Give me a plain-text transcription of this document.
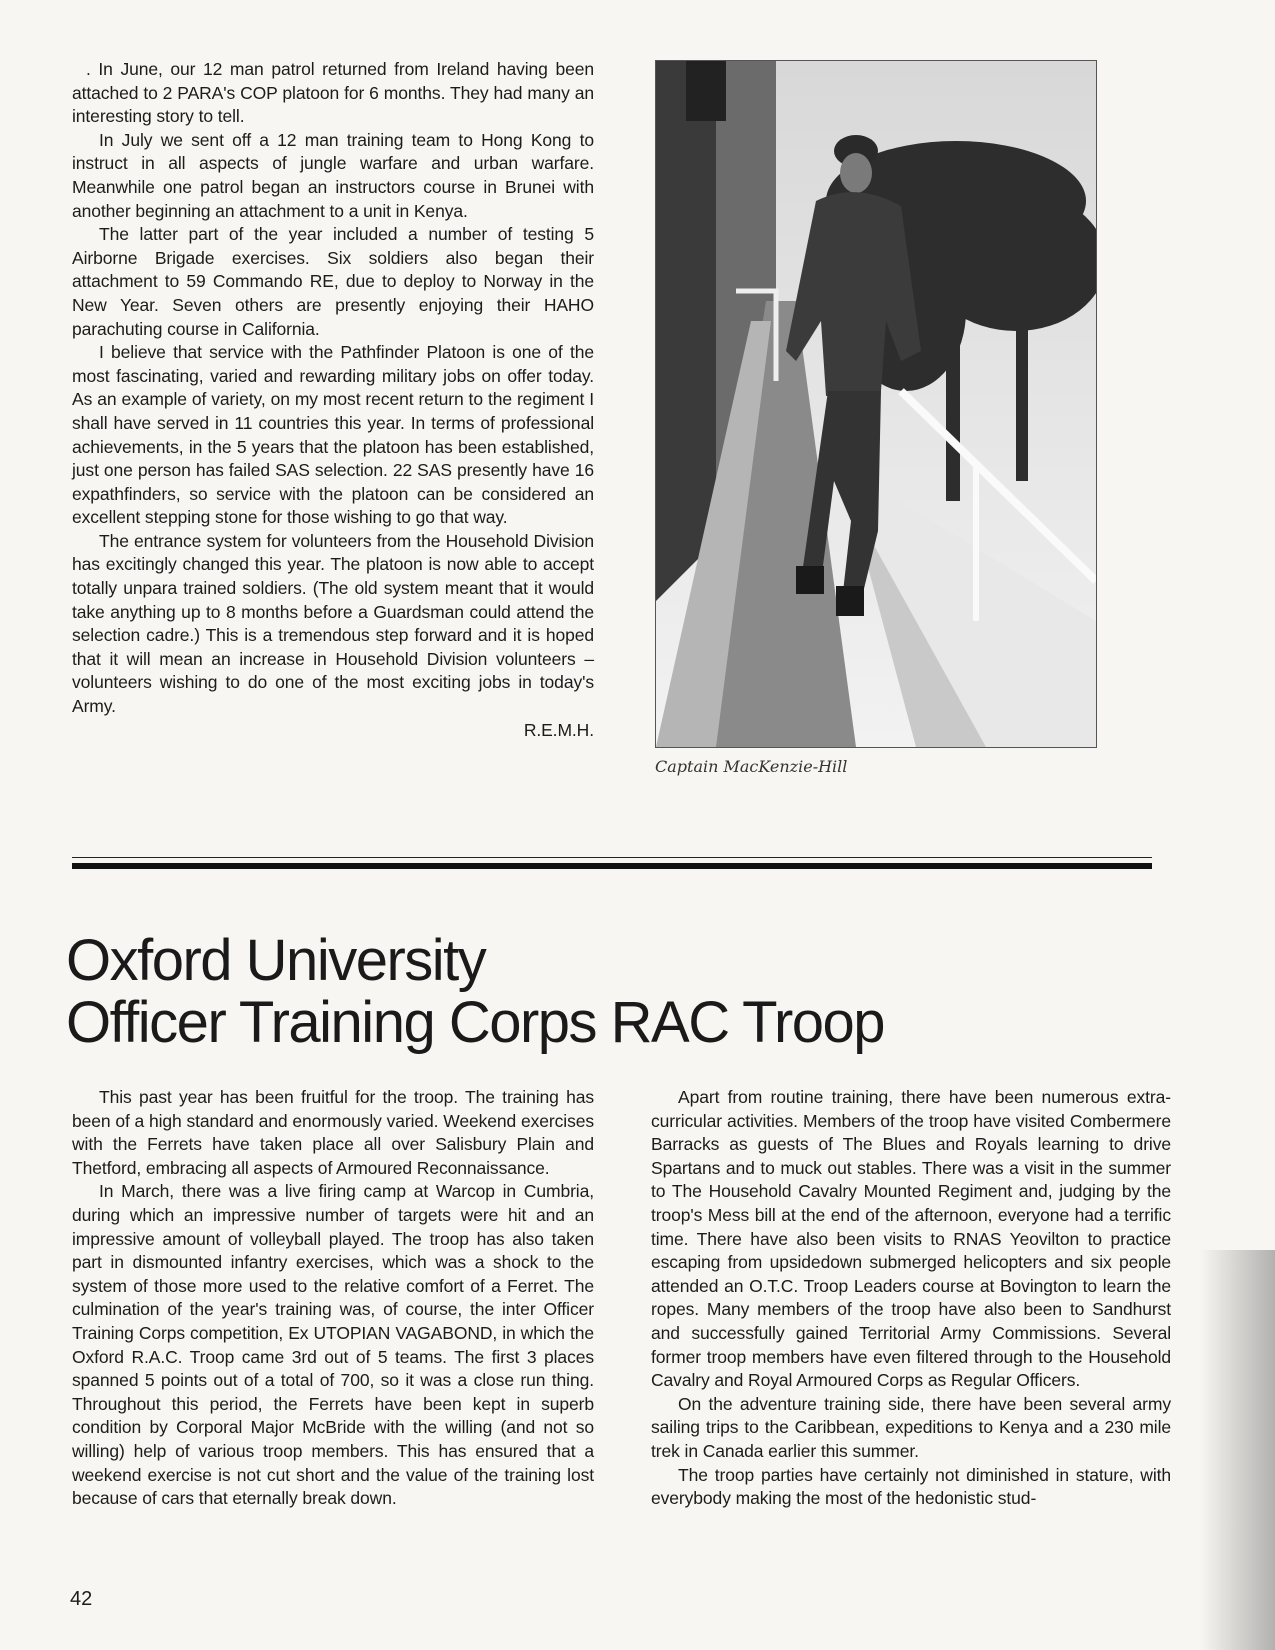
. In June, our 12 man patrol returned from Ireland having been attached to 2 PARA's COP platoon for 6 months. They had many an interesting story to tell.

In July we sent off a 12 man training team to Hong Kong to instruct in all aspects of jungle warfare and urban warfare. Meanwhile one patrol began an instructors course in Brunei with another beginning an attachment to a unit in Kenya.

The latter part of the year included a number of testing 5 Airborne Brigade exercises. Six soldiers also began their attachment to 59 Commando RE, due to deploy to Norway in the New Year. Seven others are presently enjoying their HAHO parachuting course in California.

I believe that service with the Pathfinder Platoon is one of the most fascinating, varied and rewarding military jobs on offer today. As an example of variety, on my most recent return to the regiment I shall have served in 11 countries this year. In terms of professional achievements, in the 5 years that the platoon has been established, just one person has failed SAS selection. 22 SAS presently have 16 expathfinders, so service with the platoon can be considered an excellent stepping stone for those wishing to go that way.

The entrance system for volunteers from the Household Division has excitingly changed this year. The platoon is now able to accept totally unpara trained soldiers. (The old system meant that it would take anything up to 8 months before a Guardsman could attend the selection cadre.) This is a tremendous step forward and it is hoped that it will mean an increase in Household Division volunteers – volunteers wishing to do one of the most exciting jobs in today's Army.

R.E.M.H.
Captain MacKenzie-Hill
Oxford University
Officer Training Corps RAC Troop

This past year has been fruitful for the troop. The training has been of a high standard and enormously varied. Weekend exercises with the Ferrets have taken place all over Salisbury Plain and Thetford, embracing all aspects of Armoured Reconnaissance.

In March, there was a live firing camp at Warcop in Cumbria, during which an impressive number of targets were hit and an impressive amount of volleyball played. The troop has also taken part in dismounted infantry exercises, which was a shock to the system of those more used to the relative comfort of a Ferret. The culmination of the year's training was, of course, the inter Officer Training Corps competition, Ex UTOPIAN VAGABOND, in which the Oxford R.A.C. Troop came 3rd out of 5 teams. The first 3 places spanned 5 points out of a total of 700, so it was a close run thing. Throughout this period, the Ferrets have been kept in superb condition by Corporal Major McBride with the willing (and not so willing) help of various troop members. This has ensured that a weekend exercise is not cut short and the value of the training lost because of cars that eternally break down.

Apart from routine training, there have been numerous extra-curricular activities. Members of the troop have visited Combermere Barracks as guests of The Blues and Royals learning to drive Spartans and to muck out stables. There was a visit in the summer to The Household Cavalry Mounted Regiment and, judging by the troop's Mess bill at the end of the afternoon, everyone had a terrific time. There have also been visits to RNAS Yeovilton to practice escaping from upsidedown submerged helicopters and six people attended an O.T.C. Troop Leaders course at Bovington to learn the ropes. Many members of the troop have also been to Sandhurst and successfully gained Territorial Army Commissions. Several former troop members have even filtered through to the Household Cavalry and Royal Armoured Corps as Regular Officers.

On the adventure training side, there have been several army sailing trips to the Caribbean, expeditions to Kenya and a 230 mile trek in Canada earlier this summer.

The troop parties have certainly not diminished in stature, with everybody making the most of the hedonistic stud-

42
